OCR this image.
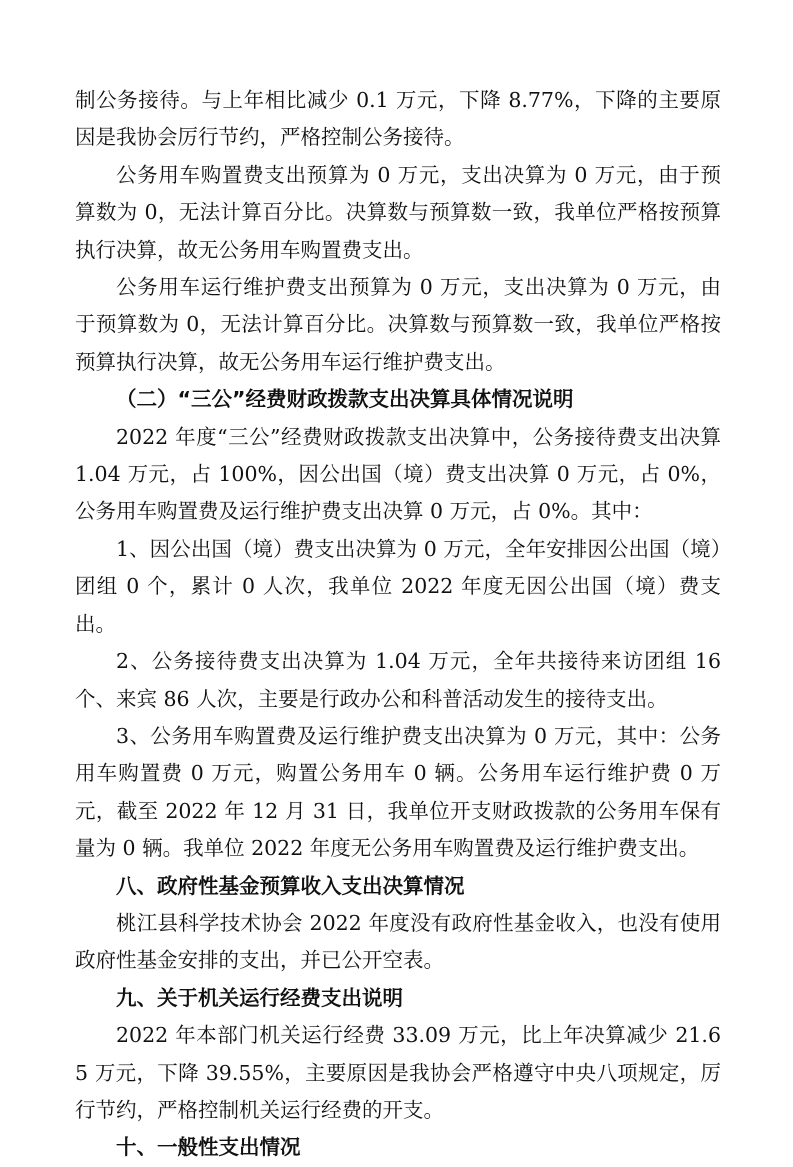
制公务接待。与上年相比减少 0.1 万元，下降 8.77%，下降的主要原因是我协会厉行节约，严格控制公务接待。

公务用车购置费支出预算为 0 万元，支出决算为 0 万元，由于预算数为 0，无法计算百分比。决算数与预算数一致，我单位严格按预算执行决算，故无公务用车购置费支出。

公务用车运行维护费支出预算为 0 万元，支出决算为 0 万元，由于预算数为 0，无法计算百分比。决算数与预算数一致，我单位严格按预算执行决算，故无公务用车运行维护费支出。

（二）“三公”经费财政拨款支出决算具体情况说明

2022 年度“三公”经费财政拨款支出决算中，公务接待费支出决算 1.04 万元，占 100%，因公出国（境）费支出决算 0 万元，占 0%，公务用车购置费及运行维护费支出决算 0 万元，占 0%。其中：

1、因公出国（境）费支出决算为 0 万元，全年安排因公出国（境）团组 0 个，累计 0 人次，我单位 2022 年度无因公出国（境）费支出。

2、公务接待费支出决算为 1.04 万元，全年共接待来访团组 16 个、来宾 86 人次，主要是行政办公和科普活动发生的接待支出。

3、公务用车购置费及运行维护费支出决算为 0 万元，其中：公务用车购置费 0 万元，购置公务用车 0 辆。公务用车运行维护费 0 万元，截至 2022 年 12 月 31 日，我单位开支财政拨款的公务用车保有量为 0 辆。我单位 2022 年度无公务用车购置费及运行维护费支出。

八、政府性基金预算收入支出决算情况

桃江县科学技术协会 2022 年度没有政府性基金收入，也没有使用政府性基金安排的支出，并已公开空表。

九、关于机关运行经费支出说明

2022 年本部门机关运行经费 33.09 万元，比上年决算减少 21.65 万元，下降 39.55%，主要原因是我协会严格遵守中央八项规定，厉行节约，严格控制机关运行经费的开支。

十、一般性支出情况
